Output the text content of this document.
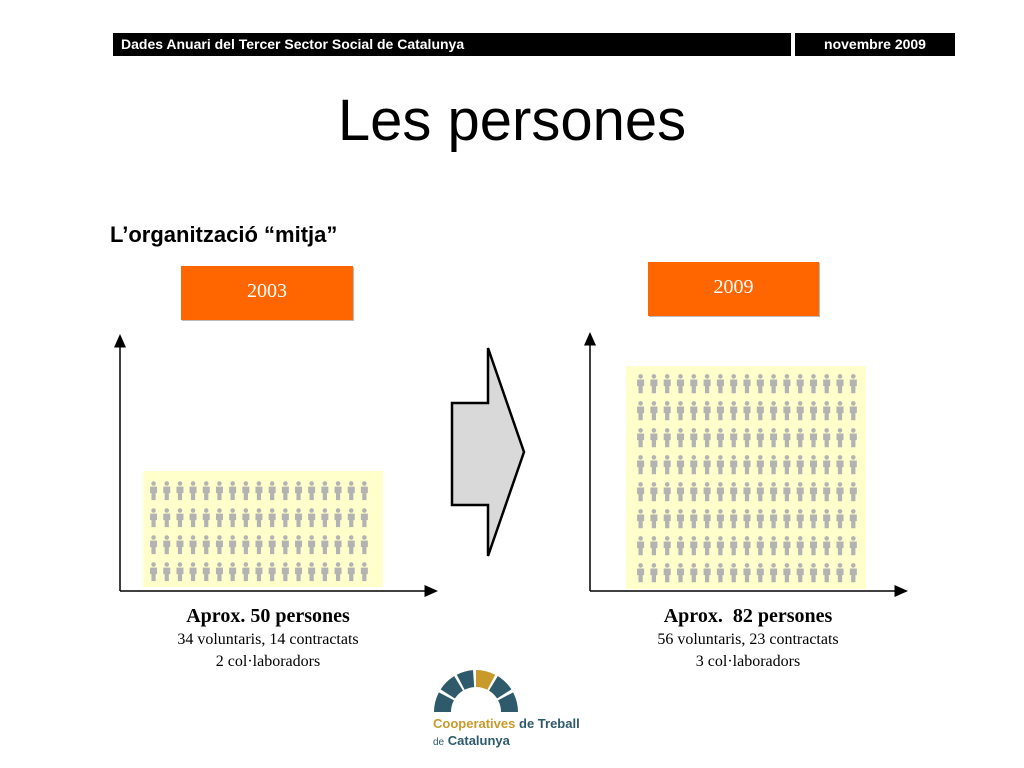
Dades Anuari del Tercer Sector Social de Catalunya	novembre 2009
Les persones
L’organització “mitja”
2003	2009
Aprox. 50 persones
34 voluntaris, 14 contractats
2 col·laboradors
Aprox.  82 persones
56 voluntaris, 23 contractats
3 col·laboradors
Cooperatives de Treball
de Catalunya
